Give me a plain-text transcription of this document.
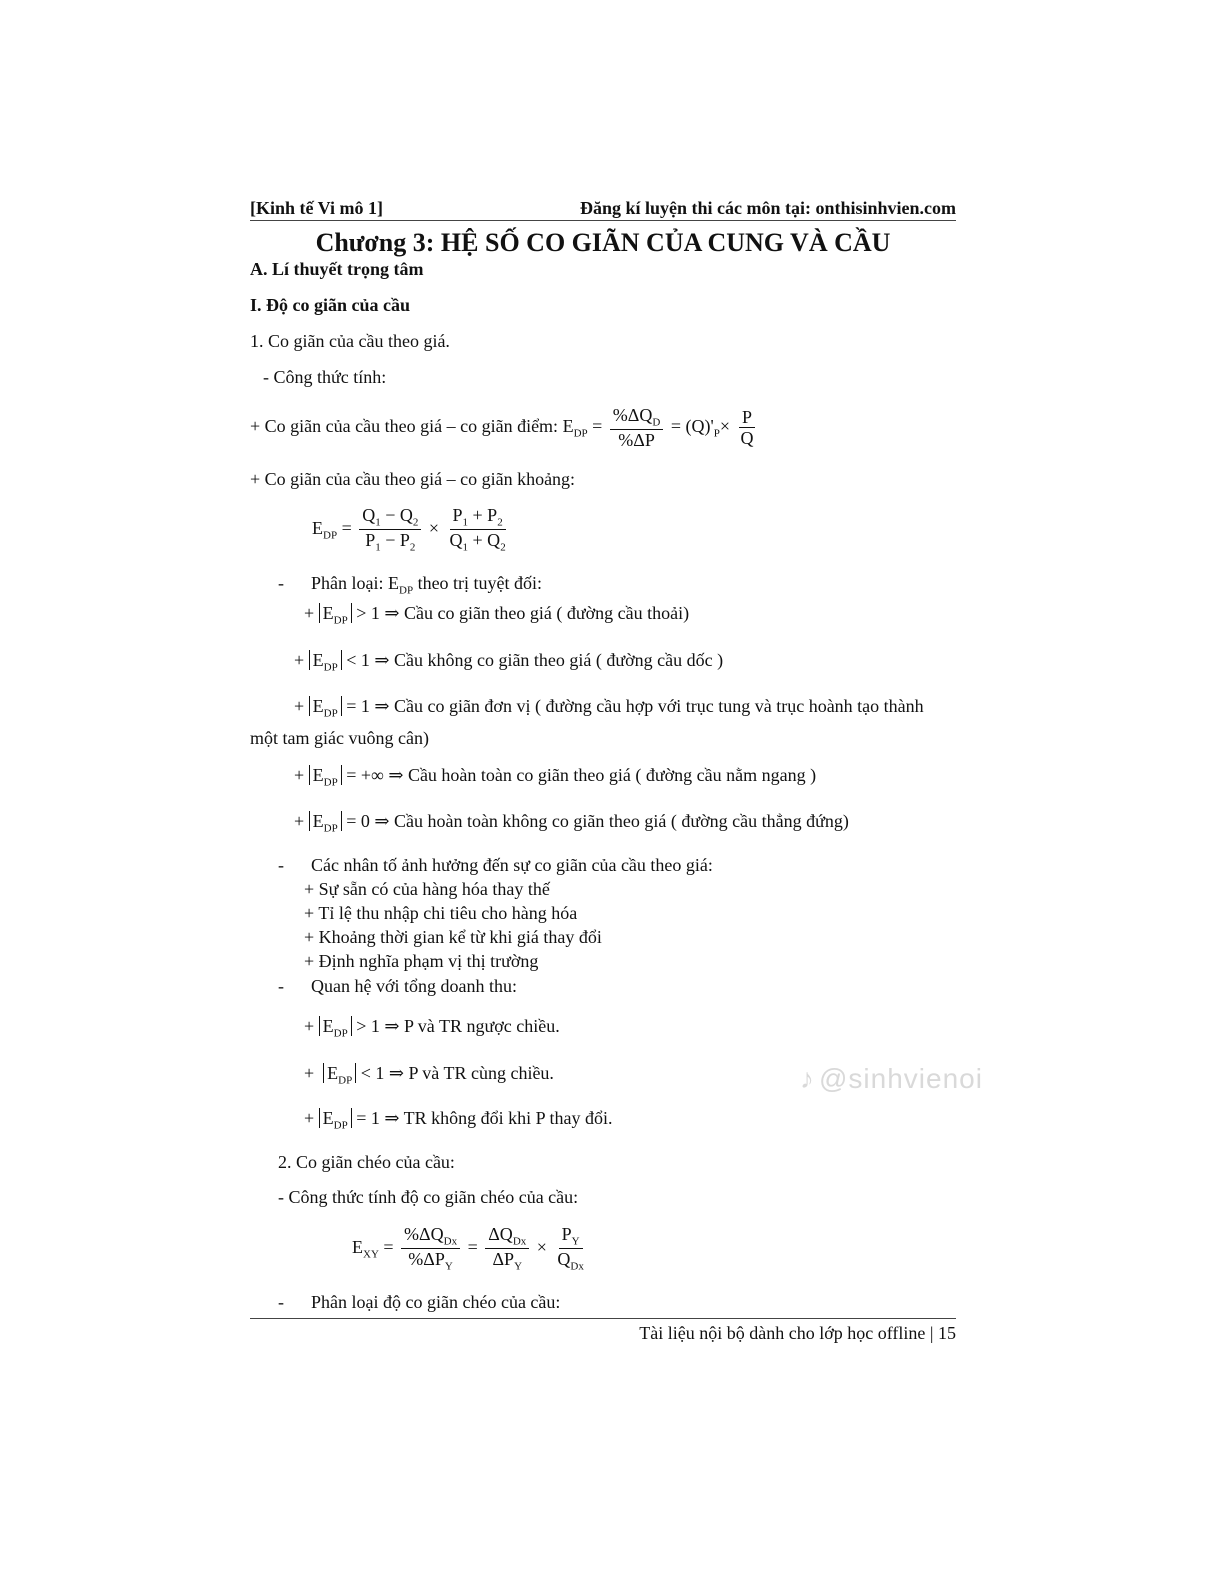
[Kinh tế Vi mô 1]	Đăng kí luyện thi các môn tại: onthisinhvien.com
Chương 3: HỆ SỐ CO GIÃN CỦA CUNG VÀ CẦU
A. Lí thuyết trọng tâm
I. Độ co giãn của cầu
1. Co giãn của cầu theo giá.
- Công thức tính:
+ Co giãn của cầu theo giá – co giãn điểm: $E_{DP} = \frac{\%\Delta Q_D}{\%\Delta P} = (Q)'_P\times \frac{P}{Q}$
+ Co giãn của cầu theo giá – co giãn khoảng:
$E_{DP} = \frac{Q_1 - Q_2}{P_1 - P_2} \times \frac{P_1 + P_2}{Q_1 + Q_2}$
- Phân loại: $E_{DP}$ theo trị tuyệt đối:
+ $E_{DP} > 1$ ⇒ Cầu co giãn theo giá ( đường cầu thoải)
+ $E_{DP} < 1$ ⇒ Cầu không co giãn theo giá ( đường cầu dốc )
+ $E_{DP} = 1$ ⇒ Cầu co giãn đơn vị ( đường cầu hợp với trục tung và trục hoành tạo thành
một tam giác vuông cân)
+ $E_{DP}$ = +∞ ⇒ Cầu hoàn toàn co giãn theo giá ( đường cầu nằm ngang )
+ $E_{DP} = 0$ ⇒ Cầu hoàn toàn không co giãn theo giá ( đường cầu thẳng đứng)
- Các nhân tố ảnh hưởng đến sự co giãn của cầu theo giá:
+ Sự sẵn có của hàng hóa thay thế
+ Tỉ lệ thu nhập chi tiêu cho hàng hóa
+ Khoảng thời gian kể từ khi giá thay đổi
+ Định nghĩa phạm vị thị trường
- Quan hệ với tổng doanh thu:
+ $E_{DP} > 1$ ⇒ P và TR ngược chiều.
+  $E_{DP} < 1$ ⇒ P và TR cùng chiều.
+ $E_{DP} = 1$ ⇒ TR không đổi khi P thay đổi.
♪ @sinhvienoi
2. Co giãn chéo của cầu:
- Công thức tính độ co giãn chéo của cầu:
$E_{XY} = \frac{\%\Delta Q_{Dx}}{\%\Delta P_Y} = \frac{\Delta Q_{Dx}}{\Delta P_Y} \times \frac{P_Y}{Q_{Dx}}$
- Phân loại độ co giãn chéo của cầu:
Tài liệu nội bộ dành cho lớp học offline | 15
